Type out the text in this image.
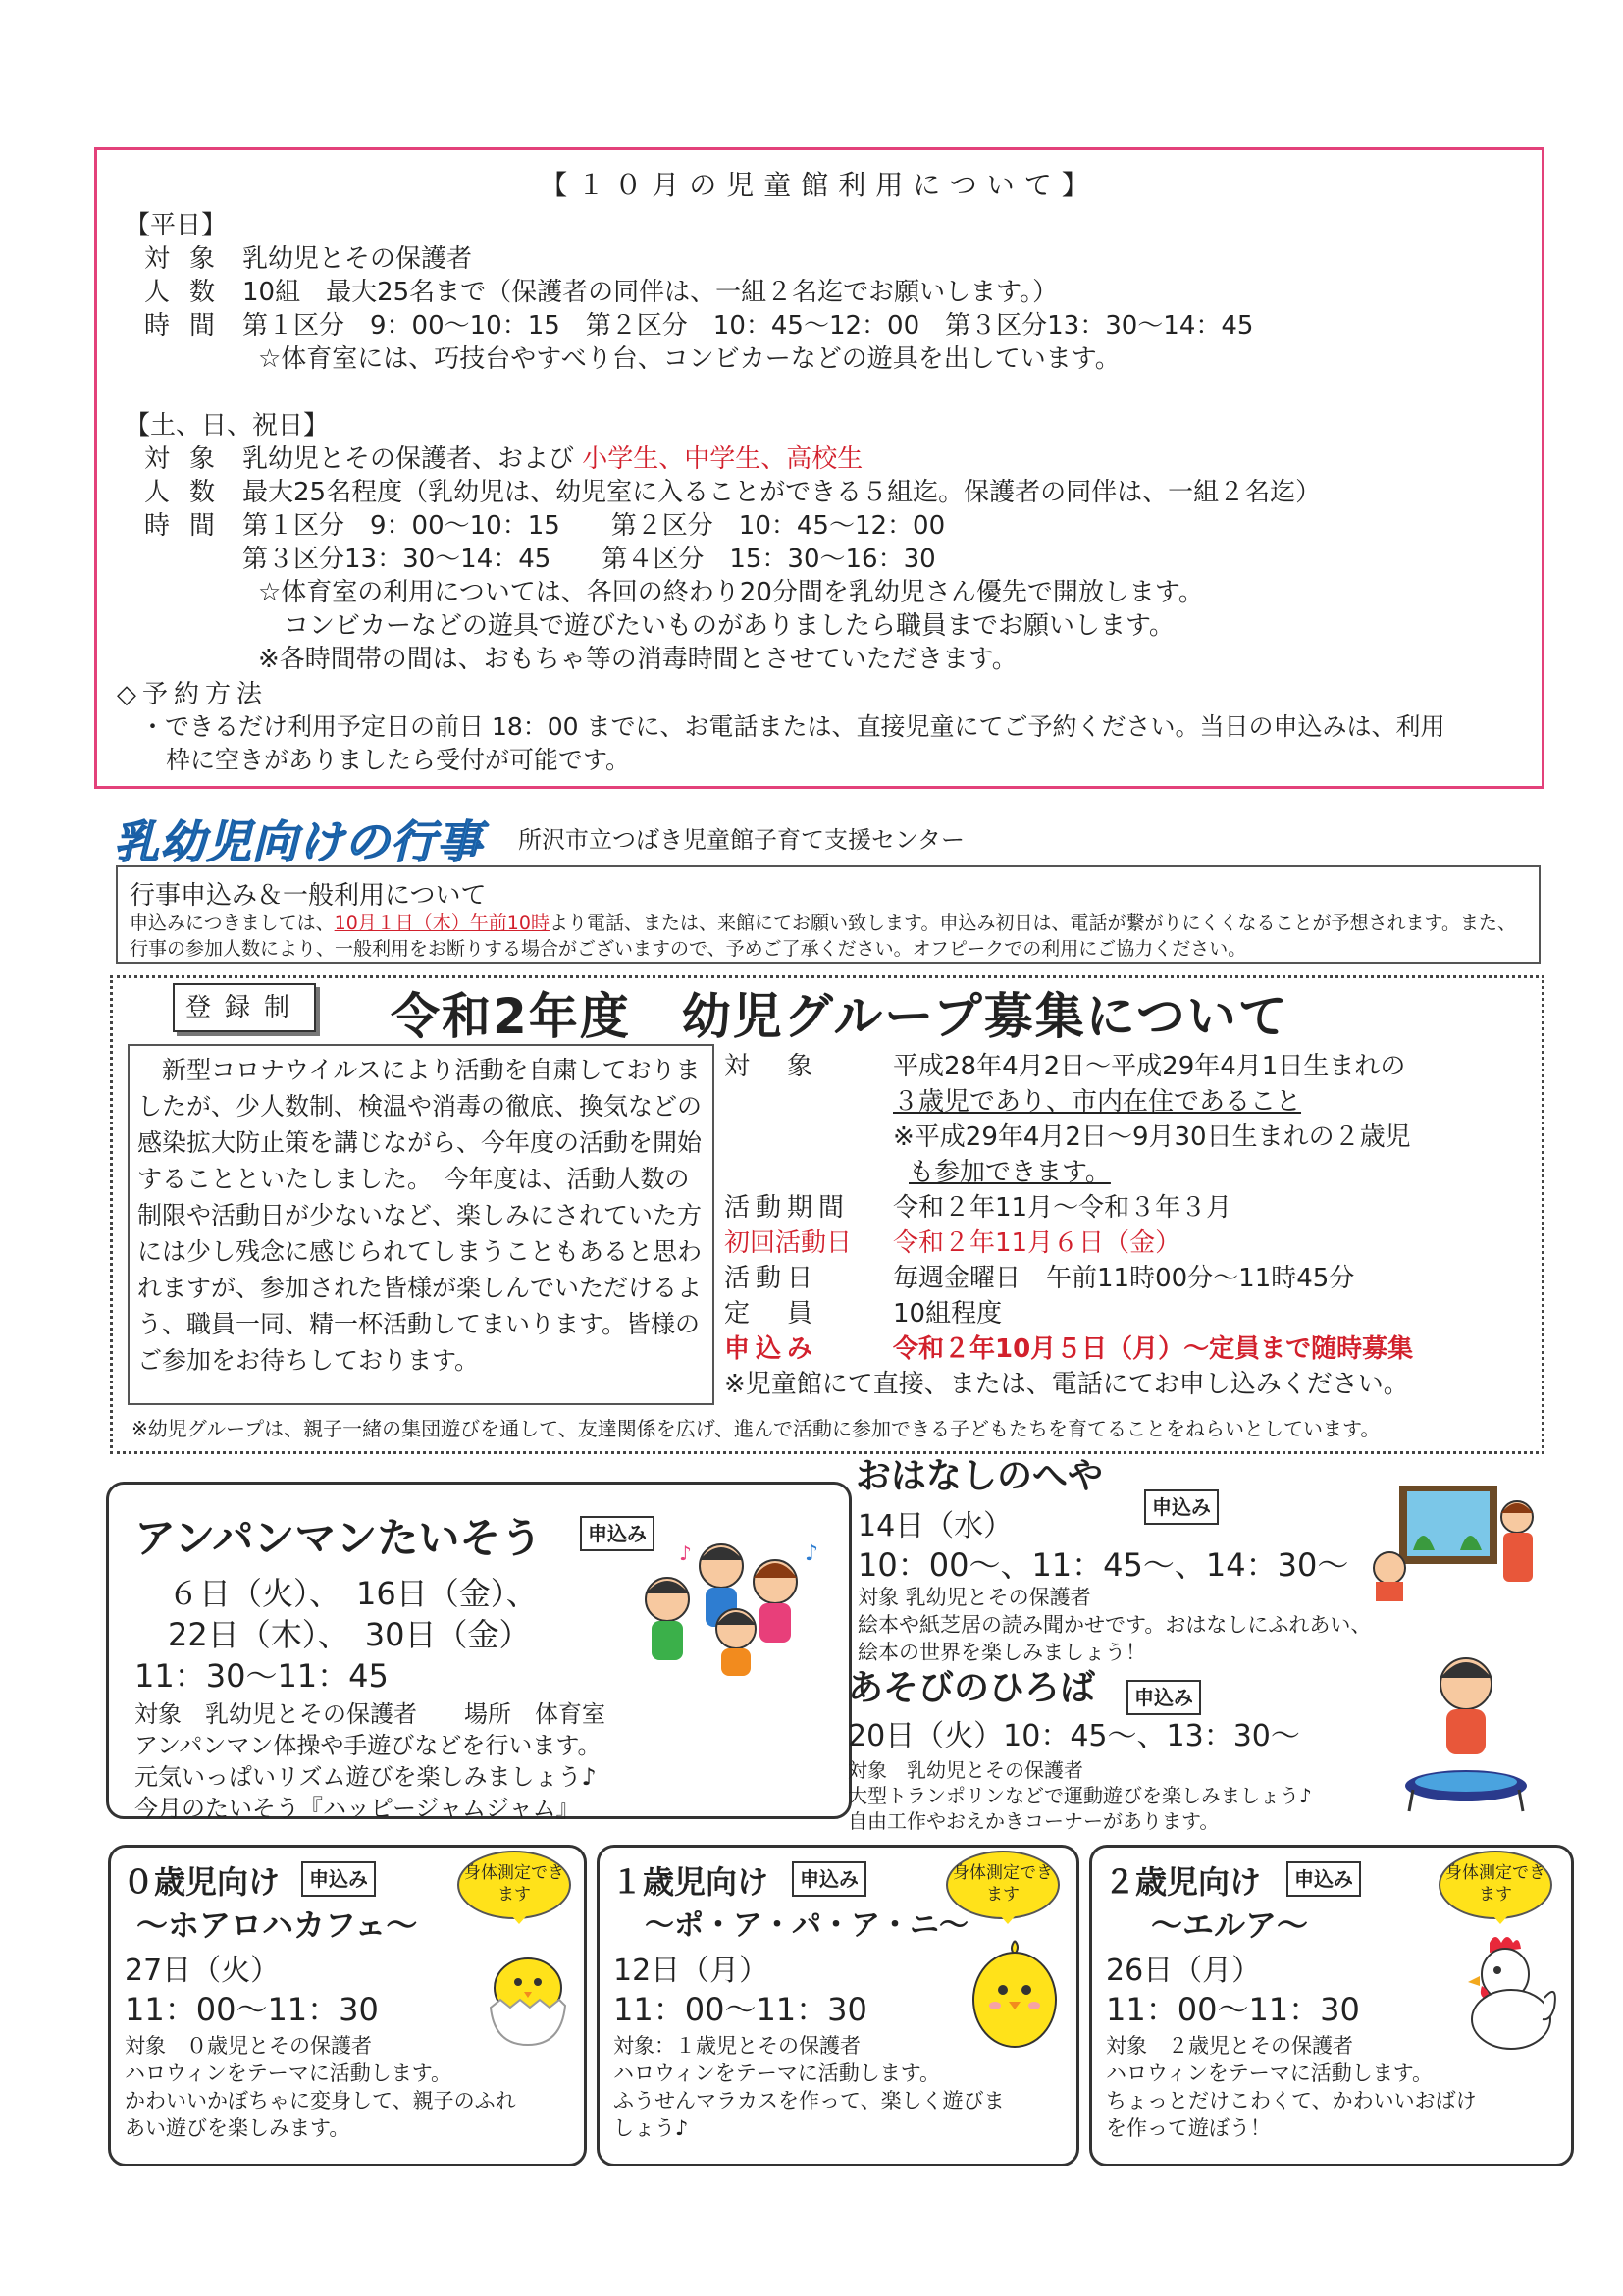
【１０月の児童館利用について】
【平日】
対象 乳幼児とその保護者
人数 10組　最大25名まで（保護者の同伴は、一組２名迄でお願いします。）
時間 第１区分　9：00〜10：15　第２区分　10：45〜12：00　第３区分13：30〜14：45
☆体育室には、巧技台やすべり台、コンビカーなどの遊具を出しています。
【土、日、祝日】
対象 乳幼児とその保護者、および 小学生、中学生、高校生
人数 最大25名程度（乳幼児は、幼児室に入ることができる５組迄。保護者の同伴は、一組２名迄）
時間 第１区分　9：00〜10：15　　第２区分　10：45〜12：00
第３区分13：30〜14：45　　第４区分　15：30〜16：30
☆体育室の利用については、各回の終わり20分間を乳幼児さん優先で開放します。
コンビカーなどの遊具で遊びたいものがありましたら職員までお願いします。
※各時間帯の間は、おもちゃ等の消毒時間とさせていただきます。
◇予約方法
・できるだけ利用予定日の前日 18：00 までに、お電話または、直接児童にてご予約ください。当日の申込みは、利用
枠に空きがありましたら受付が可能です。
乳幼児向けの行事 所沢市立つばき児童館子育て支援センター
行事申込み＆一般利用について
申込みにつきましては、10月１日（木）午前10時より電話、または、来館にてお願い致します。申込み初日は、電話が繋がりにくくなることが予想されます。また、行事の参加人数により、一般利用をお断りする場合がございますので、予めご了承ください。オフピークでの利用にご協力ください。
登録制 令和2年度　幼児グループ募集について
　新型コロナウイルスにより活動を自粛しておりましたが、少人数制、検温や消毒の徹底、換気などの感染拡大防止策を講じながら、今年度の活動を開始することといたしました。　今年度は、活動人数の制限や活動日が少ないなど、楽しみにされていた方には少し残念に感じられてしまうこともあると思われますが、参加された皆様が楽しんでいただけるよう、職員一同、精一杯活動してまいります。皆様のご参加をお待ちしております。
対　象	平成28年4月2日〜平成29年4月1日生まれの
３歳児であり、市内在住であること
※平成29年4月2日〜9月30日生まれの２歳児
も参加できます。
活動期間 令和２年11月〜令和３年３月
初回活動日 令和２年11月６日（金）
活動日	毎週金曜日　午前11時00分〜11時45分
定　員	10組程度
申込み	令和２年10月５日（月）〜定員まで随時募集
※児童館にて直接、または、電話にてお申し込みください。
※幼児グループは、親子一緒の集団遊びを通して、友達関係を広げ、進んで活動に参加できる子どもたちを育てることをねらいとしています。
アンパンマンたいそう	申込み
６日（火）、　16日（金）、
22日（木）、　30日（金）
11：30〜11：45
対象　乳幼児とその保護者　　場所　体育室
アンパンマン体操や手遊びなどを行います。
元気いっぱいリズム遊びを楽しみましょう♪
今月のたいそう『ハッピージャムジャム』
♪
♪
おはなしのへや
申込み
14日（水）
10：00〜、11：45〜、14：30〜
対象 乳幼児とその保護者
絵本や紙芝居の読み聞かせです。おはなしにふれあい、
絵本の世界を楽しみましょう！
あそびのひろば	申込み
20日（火）10：45〜、13：30〜
対象　乳幼児とその保護者
大型トランポリンなどで運動遊びを楽しみましょう♪
自由工作やおえかきコーナーがあります。
０歳児向け	申込み
〜ホアロハカフェ〜
27日（火）
11：00〜11：30
対象　０歳児とその保護者
ハロウィンをテーマに活動します。
かわいいかぼちゃに変身して、親子のふれ
あい遊びを楽しみます。
身体測定できます	１歳児向け	申込み
〜ポ・ア・パ・ア・ニ〜
12日（月）
11：00〜11：30
対象：１歳児とその保護者
ハロウィンをテーマに活動します。
ふうせんマラカスを作って、楽しく遊びま
しょう♪
身体測定できます	２歳児向け	申込み
〜エルア〜
26日（月）
11：00〜11：30
対象　２歳児とその保護者
ハロウィンをテーマに活動します。
ちょっとだけこわくて、かわいいおばけ
を作って遊ぼう！
身体測定できます
